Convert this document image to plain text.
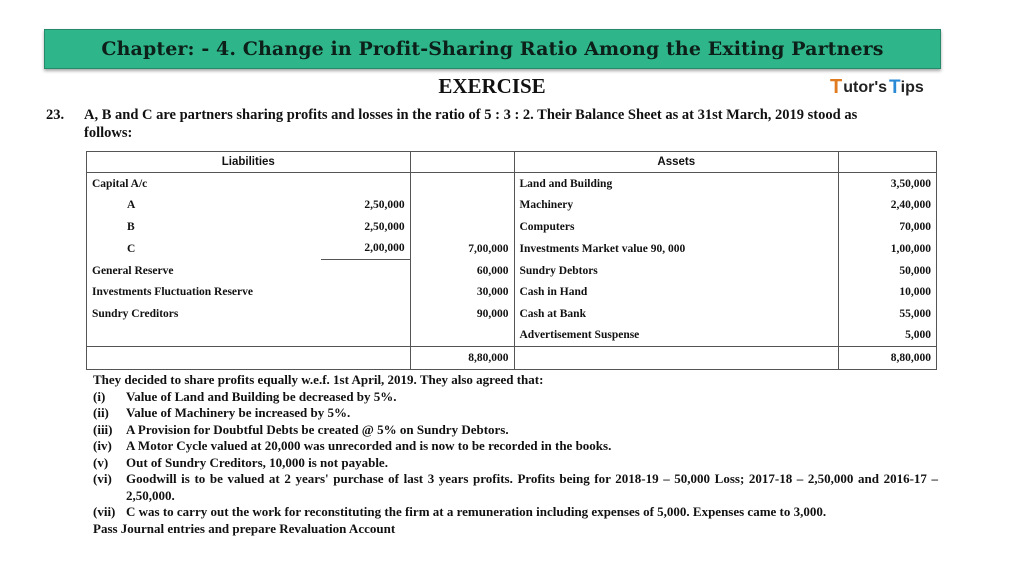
Chapter: - 4. Change in Profit-Sharing Ratio Among the Exiting Partners
EXERCISE	T utor's T ips
23. A, B and C are partners sharing profits and losses in the ratio of 5 : 3 : 2. Their Balance Sheet as at 31st March, 2019 stood as follows:
Liabilities			Assets	
Capital A/c			Land and Building	3,50,000
A	2,50,000		Machinery	2,40,000
B	2,50,000		Computers	70,000
C	2,00,000	7,00,000	Investments Market value 90, 000	1,00,000
General Reserve		60,000	Sundry Debtors	50,000
Investments Fluctuation Reserve		30,000	Cash in Hand	10,000
Sundry Creditors		90,000	Cash at Bank	55,000
			Advertisement Suspense	5,000
		8,80,000		8,80,000
They decided to share profits equally w.e.f. 1st April, 2019. They also agreed that:
(i)	Value of Land and Building be decreased by 5%.
(ii)	Value of Machinery be increased by 5%.
(iii)	A Provision for Doubtful Debts be created @ 5% on Sundry Debtors.
(iv)	A Motor Cycle valued at 20,000 was unrecorded and is now to be recorded in the books.
(v)	Out of Sundry Creditors, 10,000 is not payable.
(vi)	Goodwill is to be valued at 2 years' purchase of last 3 years profits. Profits being for 2018-19 – 50,000 Loss; 2017-18 – 2,50,000 and 2016-17 – 2,50,000.
(vii) C was to carry out the work for reconstituting the firm at a remuneration including expenses of 5,000. Expenses came to 3,000.
Pass Journal entries and prepare Revaluation Account
